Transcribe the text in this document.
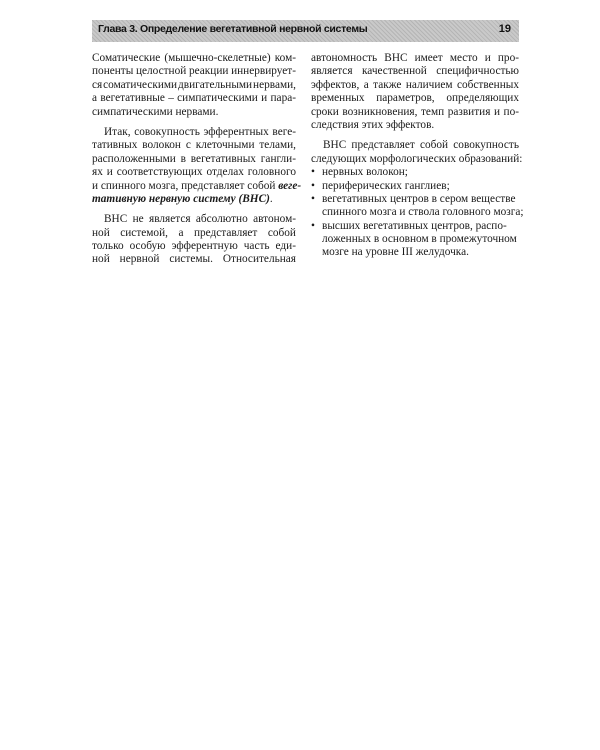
Глава 3. Определение вегетативной нервной системы	19
Соматические (мышечно-скелетные) ком-
поненты целостной реакции иннервирует-
ся соматическими двигательными нервами,
а вегетативные – симпатическими и пара-
симпатическими нервами.
Итак, совокупность эфферентных веге-
тативных волокон с клеточными телами,
расположенными в вегетативных гангли-
ях и соответствующих отделах головного
и спинного мозга, представляет собой веге-
тативную нервную систему (ВНС).
ВНС не является абсолютно автоном-
ной системой, а представляет собой
только особую эфферентную часть еди-
ной нервной системы. Относительная
автономность ВНС имеет место и про-
является качественной специфичностью
эффектов, а также наличием собственных
временных параметров, определяющих
сроки возникновения, темп развития и по-
следствия этих эффектов.
ВНС представляет собой совокупность
следующих морфологических образований:
• нервных волокон;
• периферических ганглиев;
• вегетативных центров в сером веществе
спинного мозга и ствола головного мозга;
• высших вегетативных центров, распо-
ложенных в основном в промежуточном
мозге на уровне III желудочка.
